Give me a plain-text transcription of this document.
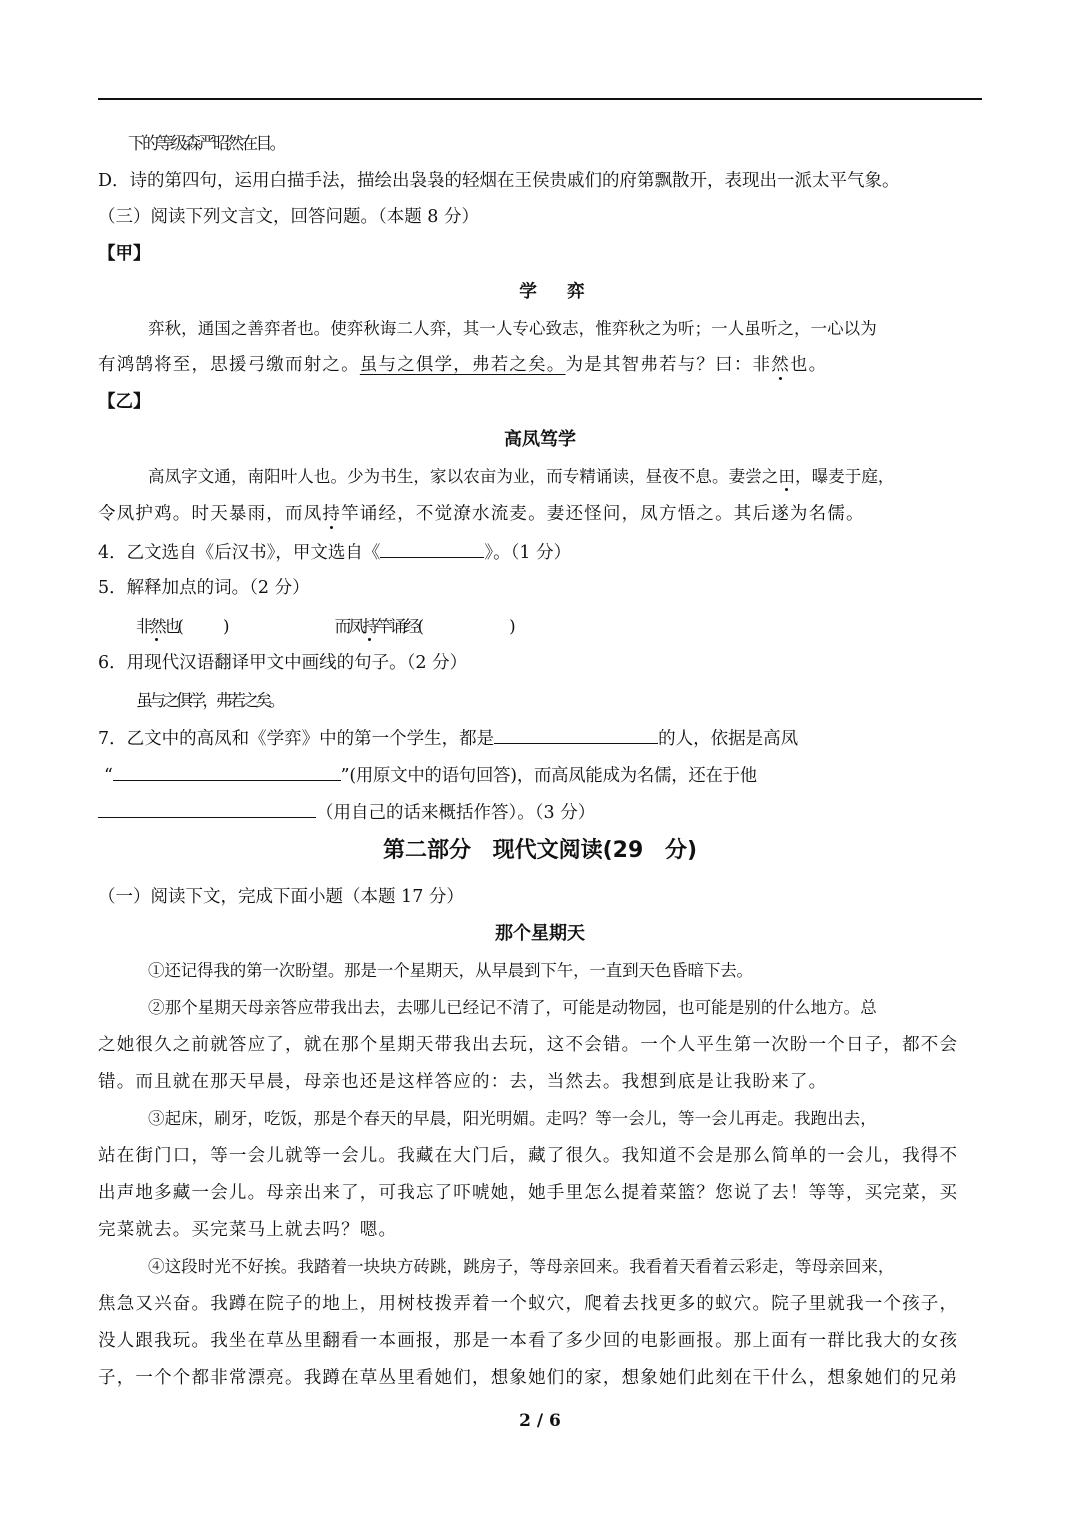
下的等级森严昭然在目。
D．诗的第四句，运用白描手法，描绘出袅袅的轻烟在王侯贵戚们的府第飘散开，表现出一派太平气象。
（三）阅读下列文言文，回答问题。（本题 8 分）
【甲】
学 弈
弈秋，通国之善弈者也。使弈秋诲二人弈，其一人专心致志，惟弈秋之为听；一人虽听之，一心以为
有鸿鹄将至，思援弓缴而射之。虽与之俱学，弗若之矣。为是其智弗若与？曰：非然也。
【乙】
高凤笃学
高凤字文通，南阳叶人也。少为书生，家以农亩为业，而专精诵读，昼夜不息。妻尝之田，曝麦于庭，
令凤护鸡。时天暴雨，而凤持竿诵经，不觉潦水流麦。妻还怪问，凤方悟之。其后遂为名儒。
4．乙文选自《后汉书》，甲文选自《	》。（1 分）
5．解释加点的词。（2 分）
非然也(	)	而凤持竿诵经(	)
6．用现代汉语翻译甲文中画线的句子。（2 分）
虽与之俱学，弗若之矣。
7．乙文中的高凤和《学弈》中的第一个学生，都是	的人，依据是高凤
“	”(用原文中的语句回答)，而高凤能成为名儒，还在于他
（用自己的话来概括作答）。（3 分）
第二部分 现代文阅读(29 分)
（一）阅读下文，完成下面小题（本题 17 分）
那个星期天
①还记得我的第一次盼望。那是一个星期天，从早晨到下午，一直到天色昏暗下去。
②那个星期天母亲答应带我出去，去哪儿已经记不清了，可能是动物园，也可能是别的什么地方。总
之她很久之前就答应了，就在那个星期天带我出去玩，这不会错。一个人平生第一次盼一个日子，都不会
错。而且就在那天早晨，母亲也还是这样答应的：去，当然去。我想到底是让我盼来了。
③起床，刷牙，吃饭，那是个春天的早晨，阳光明媚。走吗？等一会儿，等一会儿再走。我跑出去，
站在街门口，等一会儿就等一会儿。我藏在大门后，藏了很久。我知道不会是那么简单的一会儿，我得不
出声地多藏一会儿。母亲出来了，可我忘了吓唬她，她手里怎么提着菜篮？您说了去！等等，买完菜，买
完菜就去。买完菜马上就去吗？嗯。
④这段时光不好挨。我踏着一块块方砖跳，跳房子，等母亲回来。我看着天看着云彩走，等母亲回来，
焦急又兴奋。我蹲在院子的地上，用树枝拨弄着一个蚁穴，爬着去找更多的蚁穴。院子里就我一个孩子，
没人跟我玩。我坐在草丛里翻看一本画报，那是一本看了多少回的电影画报。那上面有一群比我大的女孩
子，一个个都非常漂亮。我蹲在草丛里看她们，想象她们的家，想象她们此刻在干什么，想象她们的兄弟
2 / 6
